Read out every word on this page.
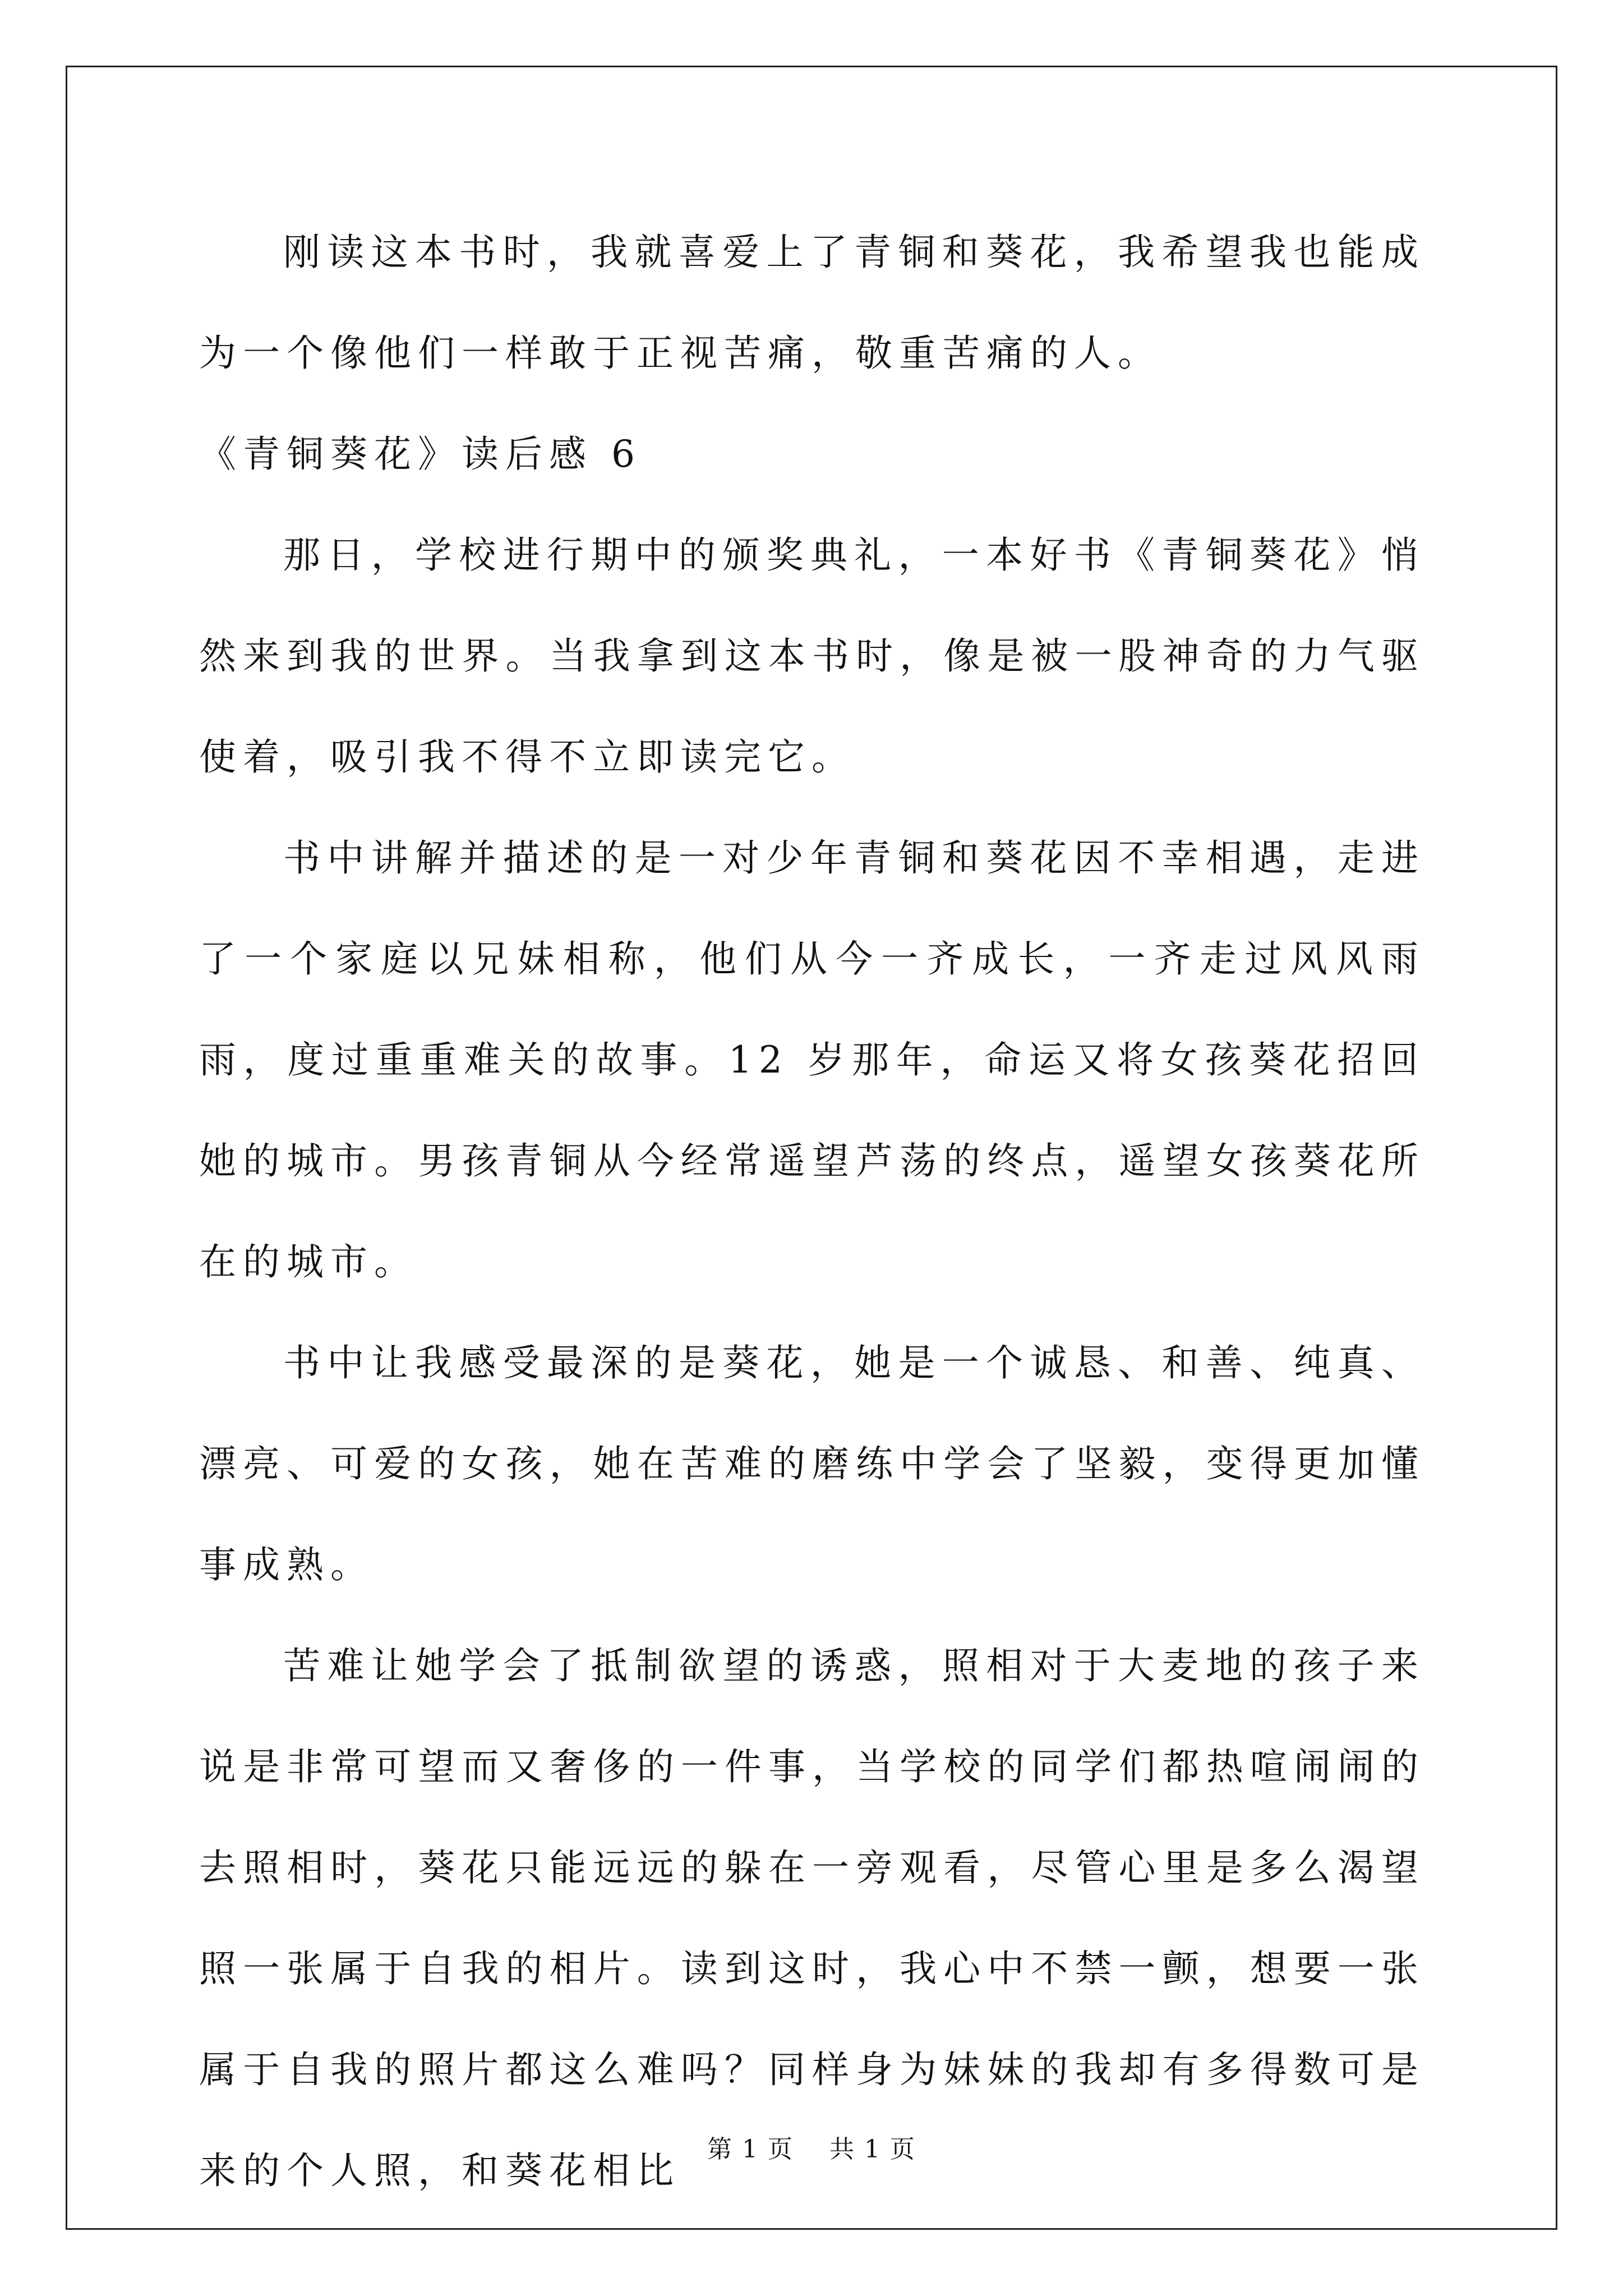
刚读这本书时，我就喜爱上了青铜和葵花，我希望我也能成为一个像他们一样敢于正视苦痛，敬重苦痛的人。

《青铜葵花》读后感 6

那日，学校进行期中的颁奖典礼，一本好书《青铜葵花》悄然来到我的世界。当我拿到这本书时，像是被一股神奇的力气驱使着，吸引我不得不立即读完它。

书中讲解并描述的是一对少年青铜和葵花因不幸相遇，走进了一个家庭以兄妹相称，他们从今一齐成长，一齐走过风风雨雨，度过重重难关的故事。12 岁那年，命运又将女孩葵花招回她的城市。男孩青铜从今经常遥望芦荡的终点，遥望女孩葵花所在的城市。

书中让我感受最深的是葵花，她是一个诚恳、和善、纯真、漂亮、可爱的女孩，她在苦难的磨练中学会了坚毅，变得更加懂事成熟。

苦难让她学会了抵制欲望的诱惑，照相对于大麦地的孩子来说是非常可望而又奢侈的一件事，当学校的同学们都热喧闹闹的去照相时，葵花只能远远的躲在一旁观看，尽管心里是多么渴望照一张属于自我的相片。读到这时，我心中不禁一颤，想要一张属于自我的照片都这么难吗？同样身为妹妹的我却有多得数可是来的个人照，和葵花相比	第 1 页    共 1 页
